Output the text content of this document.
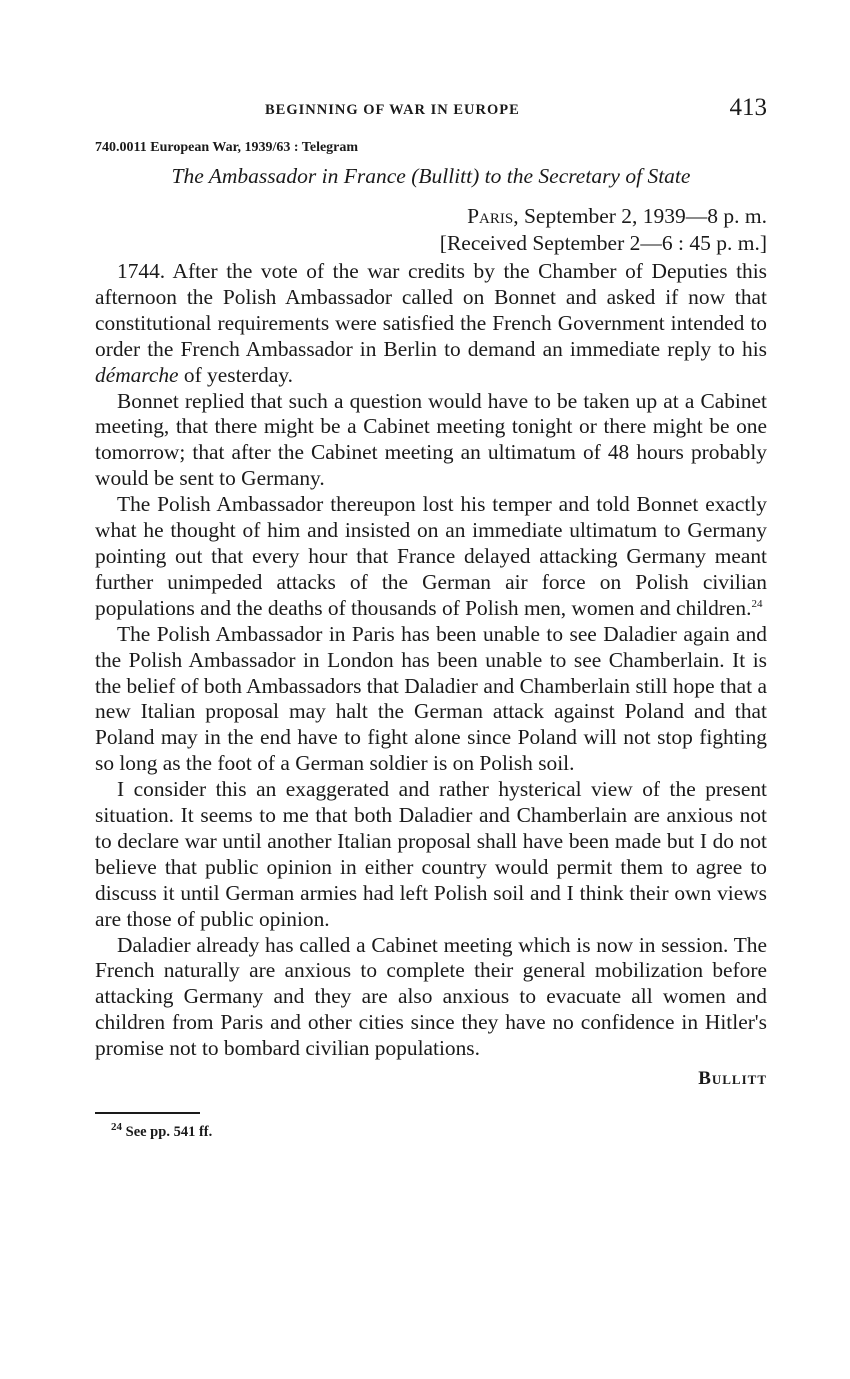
BEGINNING OF WAR IN EUROPE	413
740.0011 European War, 1939/63 : Telegram
The Ambassador in France (Bullitt) to the Secretary of State
Paris, September 2, 1939—8 p. m.
[Received September 2—6 : 45 p. m.]

1744. After the vote of the war credits by the Chamber of Deputies this afternoon the Polish Ambassador called on Bonnet and asked if now that constitutional requirements were satisfied the French Government intended to order the French Ambassador in Berlin to demand an immediate reply to his démarche of yesterday.

Bonnet replied that such a question would have to be taken up at a Cabinet meeting, that there might be a Cabinet meeting tonight or there might be one tomorrow; that after the Cabinet meeting an ultimatum of 48 hours probably would be sent to Germany.

The Polish Ambassador thereupon lost his temper and told Bonnet exactly what he thought of him and insisted on an immediate ultimatum to Germany pointing out that every hour that France delayed attacking Germany meant further unimpeded attacks of the German air force on Polish civilian populations and the deaths of thousands of Polish men, women and children.$^{24}$

The Polish Ambassador in Paris has been unable to see Daladier again and the Polish Ambassador in London has been unable to see Chamberlain. It is the belief of both Ambassadors that Daladier and Chamberlain still hope that a new Italian proposal may halt the German attack against Poland and that Poland may in the end have to fight alone since Poland will not stop fighting so long as the foot of a German soldier is on Polish soil.

I consider this an exaggerated and rather hysterical view of the present situation. It seems to me that both Daladier and Chamberlain are anxious not to declare war until another Italian proposal shall have been made but I do not believe that public opinion in either country would permit them to agree to discuss it until German armies had left Polish soil and I think their own views are those of public opinion.

Daladier already has called a Cabinet meeting which is now in session. The French naturally are anxious to complete their general mobilization before attacking Germany and they are also anxious to evacuate all women and children from Paris and other cities since they have no confidence in Hitler's promise not to bombard civilian populations.

Bullitt
$^{24}$ See pp. 541 ff.
